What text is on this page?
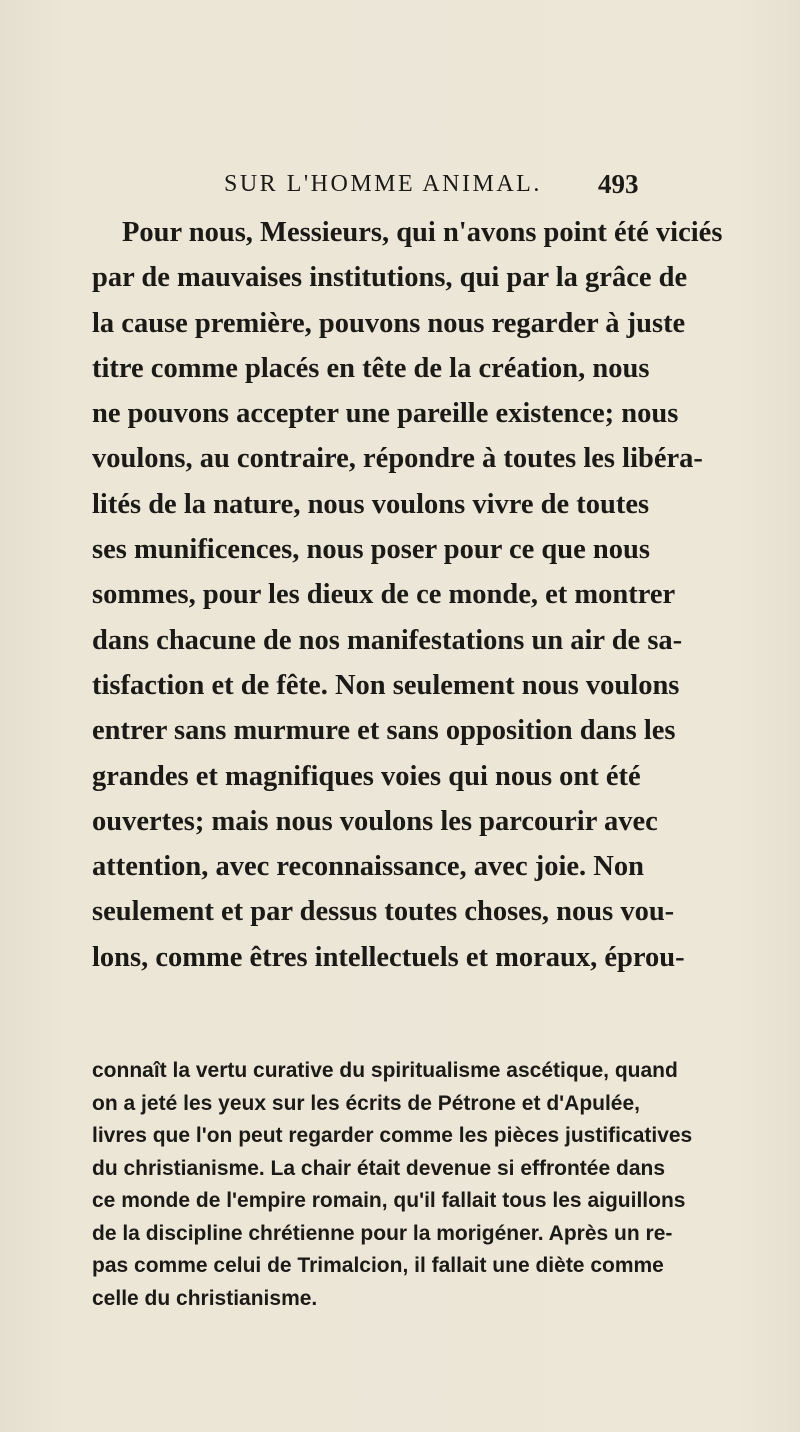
SUR L'HOMME ANIMAL. 493
Pour nous, Messieurs, qui n'avons point été viciés
par de mauvaises institutions, qui par la grâce de
la cause première, pouvons nous regarder à juste
titre comme placés en tête de la création, nous
ne pouvons accepter une pareille existence; nous
voulons, au contraire, répondre à toutes les libéra-
lités de la nature, nous voulons vivre de toutes
ses munificences, nous poser pour ce que nous
sommes, pour les dieux de ce monde, et montrer
dans chacune de nos manifestations un air de sa-
tisfaction et de fête. Non seulement nous voulons
entrer sans murmure et sans opposition dans les
grandes et magnifiques voies qui nous ont été
ouvertes; mais nous voulons les parcourir avec
attention, avec reconnaissance, avec joie. Non
seulement et par dessus toutes choses, nous vou-
lons, comme êtres intellectuels et moraux, éprou-
connaît la vertu curative du spiritualisme ascétique, quand
on a jeté les yeux sur les écrits de Pétrone et d'Apulée,
livres que l'on peut regarder comme les pièces justificatives
du christianisme. La chair était devenue si effrontée dans
ce monde de l'empire romain, qu'il fallait tous les aiguillons
de la discipline chrétienne pour la morigéner. Après un re-
pas comme celui de Trimalcion, il fallait une diète comme
celle du christianisme.
